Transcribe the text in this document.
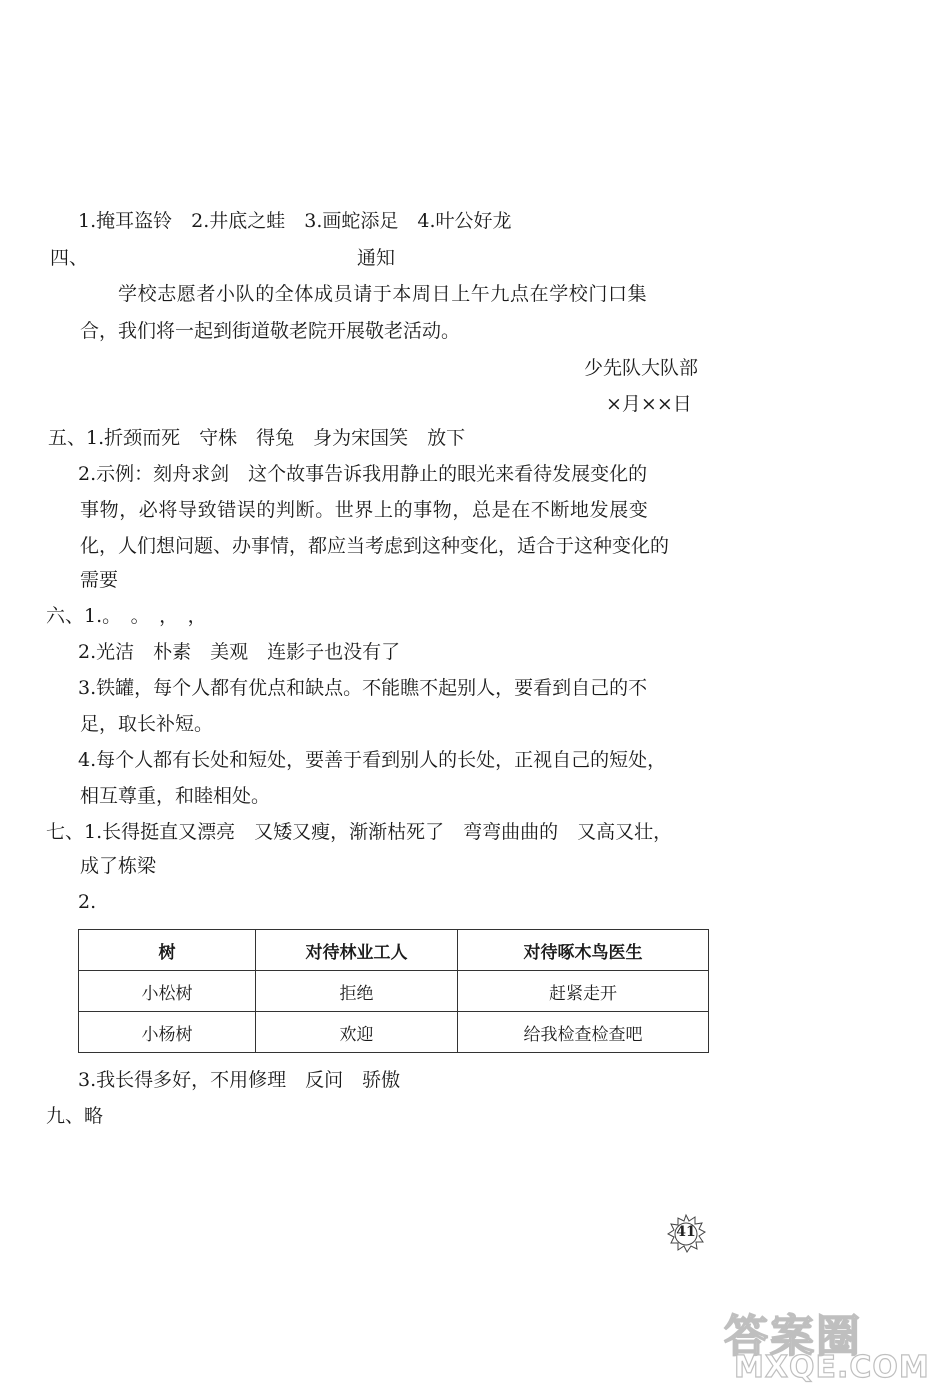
1.掩耳盗铃　2.井底之蛙　3.画蛇添足　4.叶公好龙
四、	通知
学校志愿者小队的全体成员请于本周日上午九点在学校门口集
合，我们将一起到街道敬老院开展敬老活动。
少先队大队部
×月××日
五、1.折颈而死　守株　得兔　身为宋国笑　放下
2.示例：刻舟求剑　这个故事告诉我用静止的眼光来看待发展变化的
事物，必将导致错误的判断。世界上的事物，总是在不断地发展变
化，人们想问题、办事情，都应当考虑到这种变化，适合于这种变化的
需要
六、1.。　。　，　，
2.光洁　朴素　美观　连影子也没有了
3.铁罐，每个人都有优点和缺点。不能瞧不起别人，要看到自己的不
足，取长补短。
4.每个人都有长处和短处，要善于看到别人的长处，正视自己的短处，
相互尊重，和睦相处。
七、1.长得挺直又漂亮　又矮又瘦，渐渐枯死了　弯弯曲曲的　又高又壮，
成了栋梁
2.
树	对待林业工人	对待啄木鸟医生
小松树	拒绝	赶紧走开
小杨树	欢迎	给我检查检查吧
3.我长得多好，不用修理　反问　骄傲
九、略
41
答案圈
MXQE.COM
